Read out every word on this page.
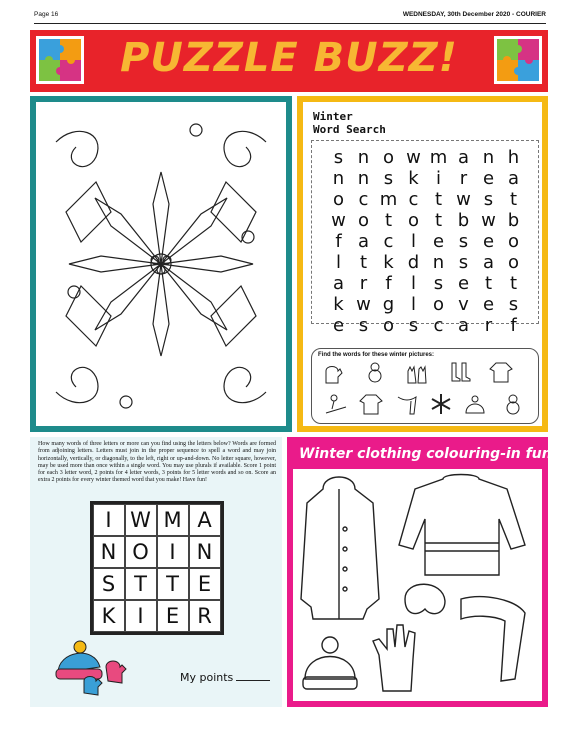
Page 16	WEDNESDAY, 30th December 2020 - COURIER
PUZZLE BUZZ!
Winter
Word Search
s n o w m a n h
n n s k i	r e a
o c m c t w s t
w o t o t b w b
f a c l e s e o
l	t k d n s a o
a r	f	l s e t t
k w g l o v e s
e s o s c a r	f
Find the words for these winter pictures:

How many words of three letters or more can you find using the letters below? Words are formed from adjoining letters. Letters must join in the proper sequence to spell a word and may join horizontally, vertically, or diagonally, to the left, right or up-and-down. No letter square, however, may be used more than once within a single word. You may use plurals if available. Score 1 point for each 3 letter word, 2 points for 4 letter words, 3 points for 5 letter words and so on. Score an extra 2 points for every winter themed word that you make! Have fun!

I W M A
N O I N
S T T E
K	I	E R
My points
Winter clothing colouring-in fun
